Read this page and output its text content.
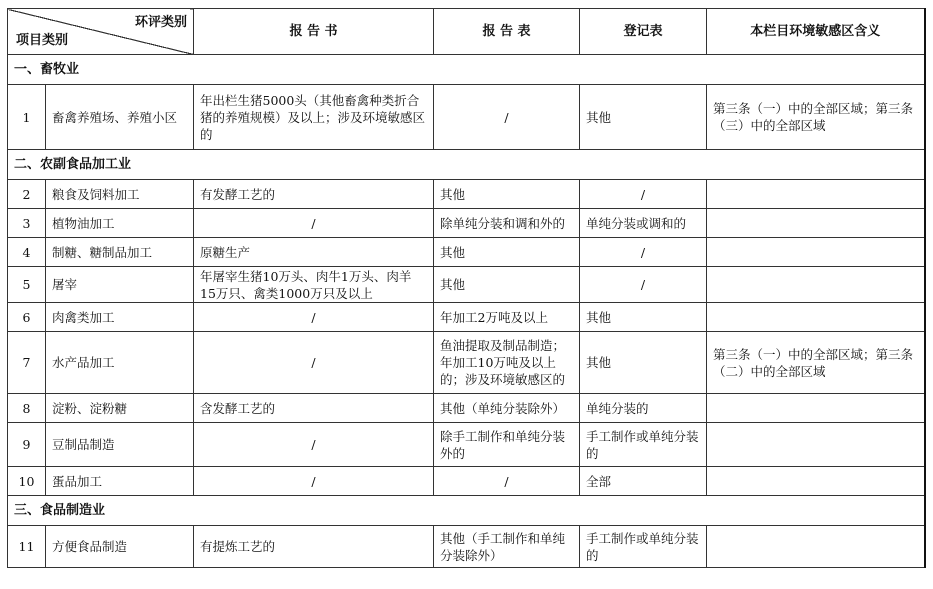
环评类别
项目类别		报 告 书	报 告 表	登记表	本栏目环境敏感区含义
一、畜牧业					
1	畜禽养殖场、养殖小区	年出栏生猪5000头（其他畜禽种类折合猪的养殖规模）及以上；涉及环境敏感区的	/	其他	第三条（一）中的全部区域；第三条（三）中的全部区域
二、农副食品加工业					
2	粮食及饲料加工	有发酵工艺的	其他	/	
3	植物油加工	/	除单纯分装和调和外的	单纯分装或调和的	
4	制糖、糖制品加工	原糖生产	其他	/	
5	屠宰	年屠宰生猪10万头、肉牛1万头、肉羊15万只、禽类1000万只及以上	其他	/	
6	肉禽类加工	/	年加工2万吨及以上	其他	
7	水产品加工	/	鱼油提取及制品制造；年加工10万吨及以上的；涉及环境敏感区的	其他	第三条（一）中的全部区域；第三条（二）中的全部区域
8	淀粉、淀粉糖	含发酵工艺的	其他（单纯分装除外）	单纯分装的	
9	豆制品制造	/	除手工制作和单纯分装外的	手工制作或单纯分装的	
10	蛋品加工	/	/	全部	
三、食品制造业					
11	方便食品制造	有提炼工艺的	其他（手工制作和单纯分装除外）	手工制作或单纯分装的	
